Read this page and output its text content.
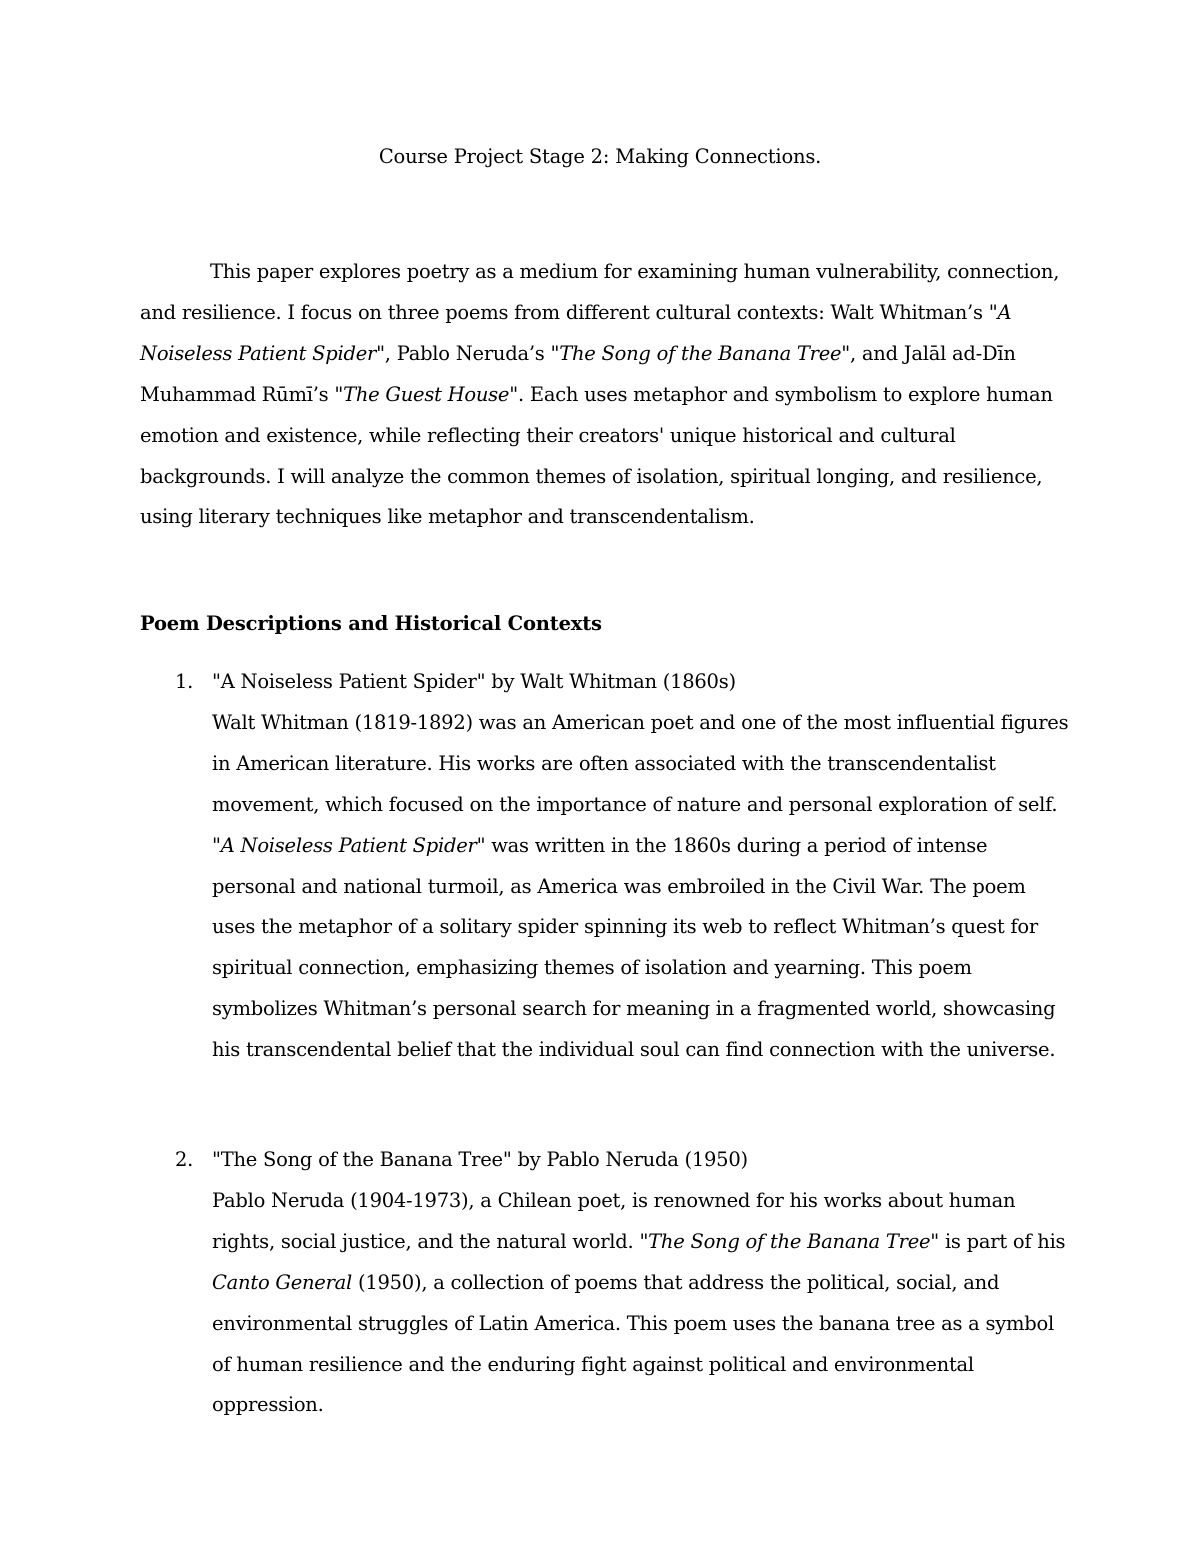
Course Project Stage 2: Making Connections.

This paper explores poetry as a medium for examining human vulnerability, connection, and resilience. I focus on three poems from different cultural contexts: Walt Whitman’s "A Noiseless Patient Spider", Pablo Neruda’s "The Song of the Banana Tree", and Jalāl ad-Dīn Muhammad Rūmī’s "The Guest House". Each uses metaphor and symbolism to explore human emotion and existence, while reflecting their creators' unique historical and cultural backgrounds. I will analyze the common themes of isolation, spiritual longing, and resilience, using literary techniques like metaphor and transcendentalism.

Poem Descriptions and Historical Contexts
1. "A Noiseless Patient Spider" by Walt Whitman (1860s)
Walt Whitman (1819-1892) was an American poet and one of the most influential figures in American literature. His works are often associated with the transcendentalist movement, which focused on the importance of nature and personal exploration of self. "A Noiseless Patient Spider" was written in the 1860s during a period of intense personal and national turmoil, as America was embroiled in the Civil War. The poem uses the metaphor of a solitary spider spinning its web to reflect Whitman’s quest for spiritual connection, emphasizing themes of isolation and yearning. This poem symbolizes Whitman’s personal search for meaning in a fragmented world, showcasing his transcendental belief that the individual soul can find connection with the universe.
2. "The Song of the Banana Tree" by Pablo Neruda (1950)
Pablo Neruda (1904-1973), a Chilean poet, is renowned for his works about human rights, social justice, and the natural world. "The Song of the Banana Tree" is part of his Canto General (1950), a collection of poems that address the political, social, and environmental struggles of Latin America. This poem uses the banana tree as a symbol of human resilience and the enduring fight against political and environmental oppression.
